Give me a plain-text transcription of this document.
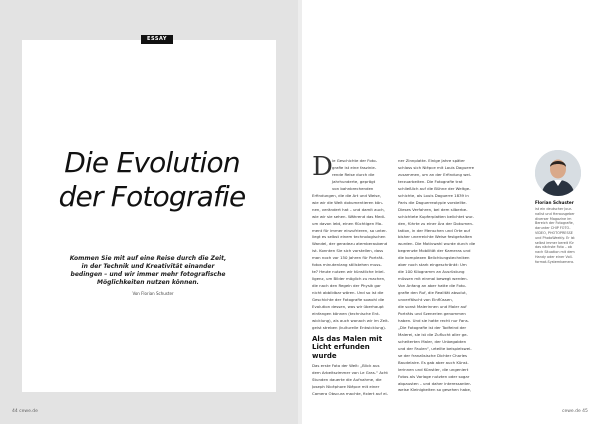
ESSAY
Die Evolution
der Fotografie
Kommen Sie mit auf eine Reise durch die Zeit,
in der Technik und Kreativität einander
bedingen – und wir immer mehr fotografische
Möglichkeiten nutzen können.
Von Florian Schuster
44 cewe.de
D ie Geschichte der Foto-
grafie ist eine faszinie-
rende Reise durch die
Jahrhunderte, geprägt
von bahnbrechenden
Erfindungen, die die Art und Weise,
wie wir die Welt dokumentieren kön-
nen, verändert hat – und damit auch,
wie wir sie sehen. Während das Medi-
um davon lebt, einen flüchtigen Mo-
ment für immer einzufrieren, so unter-
liegt es selbst einem technologischen
Wandel, der geradezu atemberaubend
ist. Konnten Sie sich vorstellen, dass
man noch vor 150 Jahren für Porträt-
fotos minutenlang stillstehen muss-
te? Heute nutzen wir künstliche Intel-
ligenz, um Bilder möglich zu machen,
die nach den Regeln der Physik gar
nicht abbildbar wären. Und so ist die
Geschichte der Fotografie sowohl die
Evolution dessen, was wir überhaupt
einfangen können (technische Ent-
wicklung), als auch wonach wir im Zeit-
geist streben (kulturelle Entwicklung).
Als das Malen mit Licht erfunden wurde
Das erste Foto der Welt: „Blick aus
dem Arbeitszimmer von Le Gras.“ Acht
Stunden dauerte die Aufnahme, die
Joseph Nicéphore Niépce mit einer
Camera Obscura machte, fixiert auf ei-
ner Zinnplatte. Einige Jahre später
schloss sich Niépce mit Louis Daguerre
zusammen, um an der Erfindung wei-
terzuarbeiten. Die Fotografie trat
schließlich auf die Bühne der Weltge-
schichte, als Louis Daguerre 1839 in
Paris die Daguerreotypie vorstellte.
Dieses Verfahren, bei dem silberbe-
schichtete Kupferplatten belichtet wur-
den, führte zu einer Ära der Dokumen-
tation, in der Menschen und Orte auf
bisher unerreichte Weise festgehalten
wurden. Die Motivwahl wurde durch die
begrenzte Mobilität der Kameras und
die komplexen Belichtungstechniken
aber noch stark eingeschränkt: Um
die 100 Kilogramm an Ausrüstung
müssen mit einmal bewegt werden.
Von Anfang an aber hatte die Foto-
grafie den Ruf, die Realität absolut,
unverfälscht von Einflüssen,
die sonst Malerinnen und Maler auf
Porträts und Szenerien genommen
haben. Und sie hatte recht nur Fans.
„Die Fotografie ist der Todfeind der
Malerei, sie ist die Zuflucht aller ge-
scheiterten Maler, der Unbegabten
und der Faulen“, urteilte beispielswei-
se der französische Dichter Charles
Baudelaire. Es gab aber auch Künst-
lerinnen und Künstler, die ungeniert
Fotos als Vorlage nutzten oder sogar
abpausten – und daher interessanter-
weise Kleinigkeiten so gesehen habe,
Florian Schuster
ist ein deutscher Jour-
nalist und Herausgeber
diverser Magazine im
Bereich der Fotografie,
darunter CHIP FOTO-
VIDEO, PHOTOPRESSE
und PhotoWeekly. Er ist
selbst immer bereit für
das nächste Foto – ob
nach Situation mit dem
Handy oder einer Voll-
format-Systemkamera.
cewe.de 45
